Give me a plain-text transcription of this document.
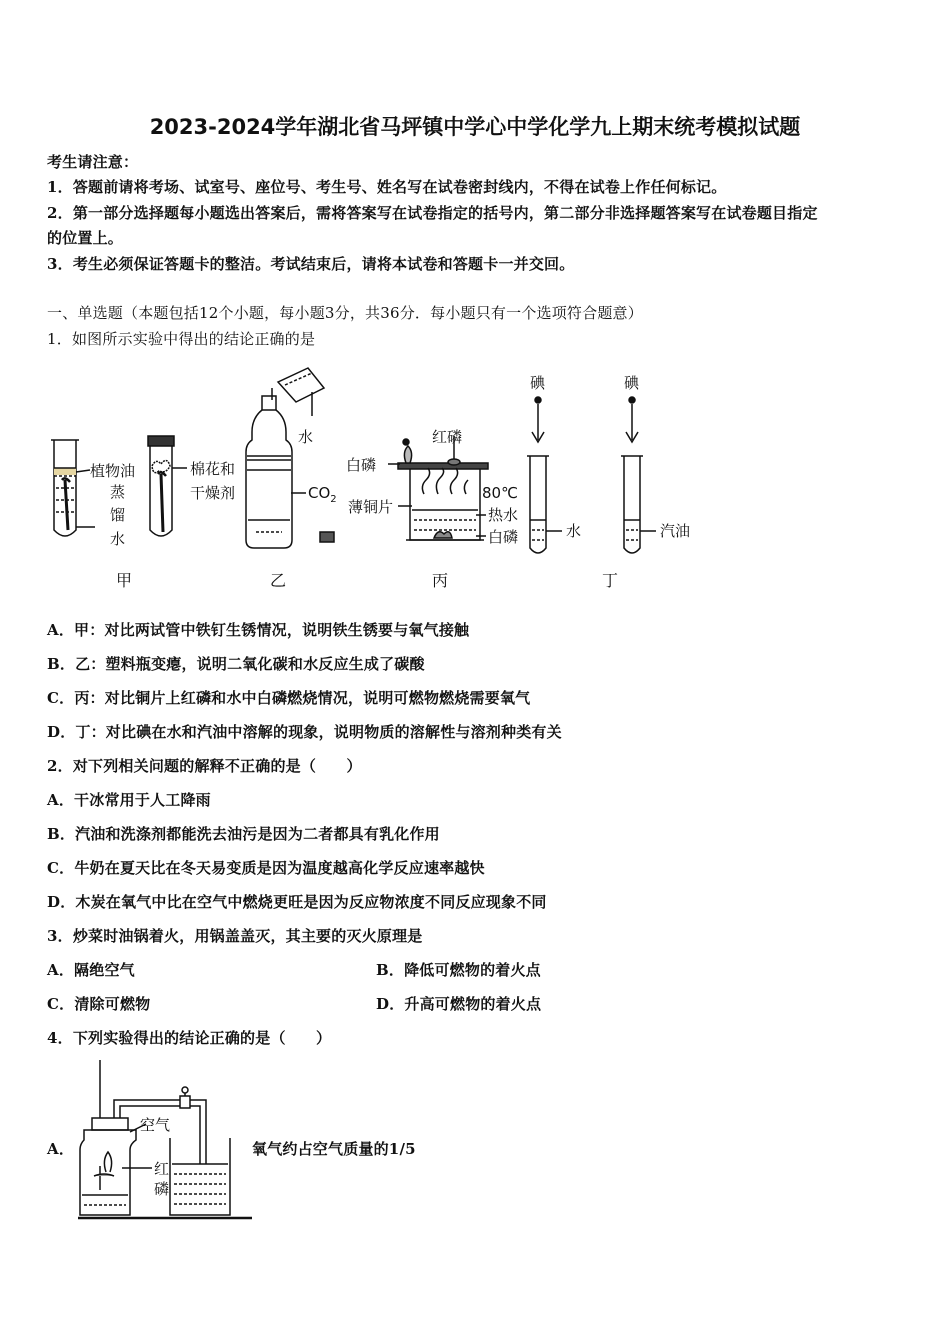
2023-2024学年湖北省马坪镇中学心中学化学九上期末统考模拟试题
考生请注意：
1．答题前请将考场、试室号、座位号、考生号、姓名写在试卷密封线内，不得在试卷上作任何标记。
2．第一部分选择题每小题选出答案后，需将答案写在试卷指定的括号内，第二部分非选择题答案写在试卷题目指定
的位置上。
3．考生必须保证答题卡的整洁。考试结束后，请将本试卷和答题卡一并交回。
一、单选题（本题包括12个小题，每小题3分，共36分．每小题只有一个选项符合题意）
1．如图所示实验中得出的结论正确的是
植物油
蒸
馏
水
棉花和
干燥剂
水
$CO_2$
红磷
白磷
薄铜片
80℃
热水
白磷
碘	碘
水	汽油
甲	乙	丙	丁
A．甲：对比两试管中铁钉生锈情况，说明铁生锈要与氧气接触
B．乙：塑料瓶变瘪，说明二氧化碳和水反应生成了碳酸
C．丙：对比铜片上红磷和水中白磷燃烧情况，说明可燃物燃烧需要氧气
D．丁：对比碘在水和汽油中溶解的现象，说明物质的溶解性与溶剂种类有关
2．对下列相关问题的解释不正确的是（　　）
A．干冰常用于人工降雨
B．汽油和洗涤剂都能洗去油污是因为二者都具有乳化作用
C．牛奶在夏天比在冬天易变质是因为温度越高化学反应速率越快
D．木炭在氧气中比在空气中燃烧更旺是因为反应物浓度不同反应现象不同
3．炒菜时油锅着火，用锅盖盖灭，其主要的灭火原理是
A．隔绝空气	B．降低可燃物的着火点
C．清除可燃物	D．升高可燃物的着火点
4．下列实验得出的结论正确的是（　　）
A．
空气
红
磷
氧气约占空气质量的1/5
